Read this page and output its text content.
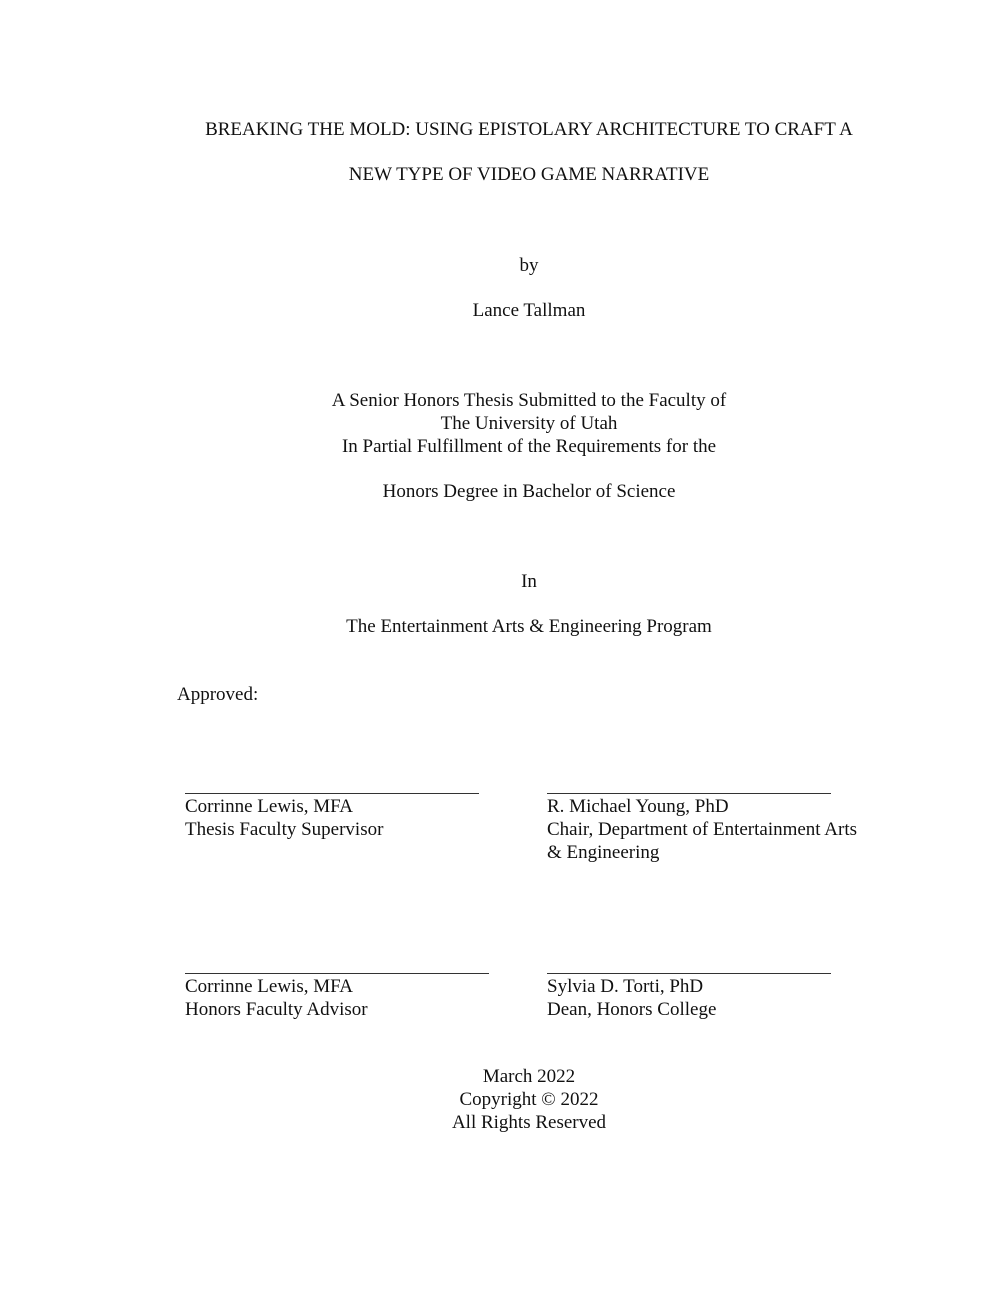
BREAKING THE MOLD: USING EPISTOLARY ARCHITECTURE TO CRAFT A
NEW TYPE OF VIDEO GAME NARRATIVE
by
Lance Tallman
A Senior Honors Thesis Submitted to the Faculty of
The University of Utah
In Partial Fulfillment of the Requirements for the
Honors Degree in Bachelor of Science
In
The Entertainment Arts & Engineering Program
Approved:
Corrinne Lewis, MFA
Thesis Faculty Supervisor
R. Michael Young, PhD
Chair, Department of Entertainment Arts
& Engineering
Corrinne Lewis, MFA
Honors Faculty Advisor
Sylvia D. Torti, PhD
Dean, Honors College
March 2022
Copyright © 2022
All Rights Reserved
